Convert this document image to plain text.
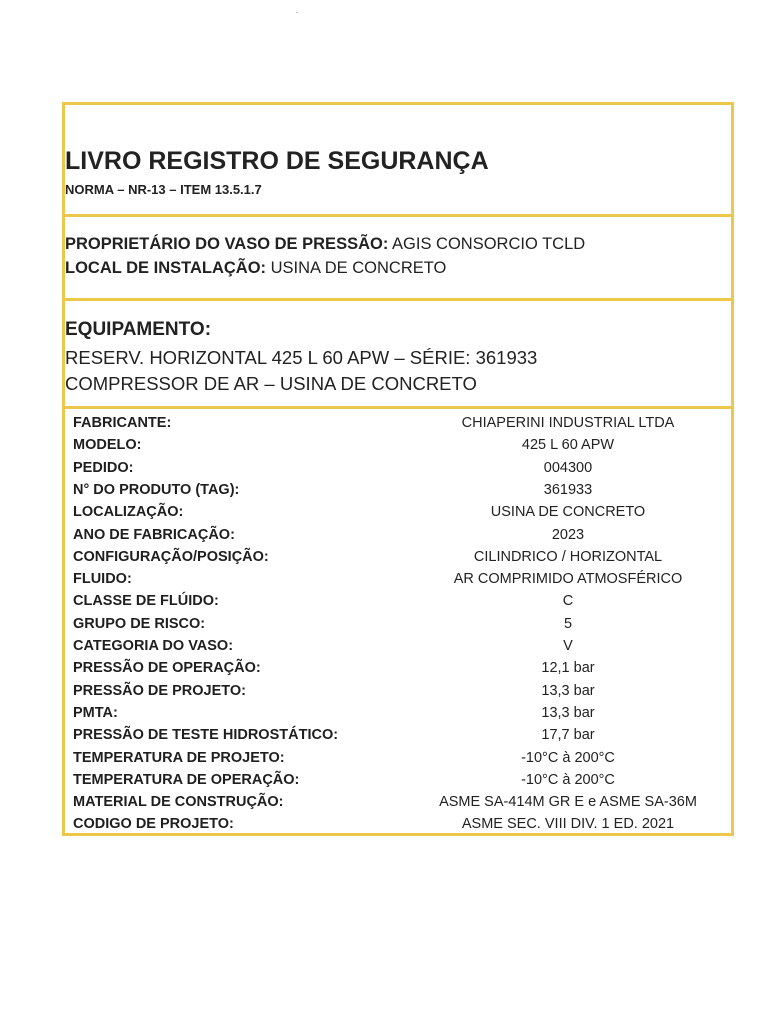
LIVRO REGISTRO DE SEGURANÇA
NORMA – NR-13 – ITEM 13.5.1.7
PROPRIETÁRIO DO VASO DE PRESSÃO: AGIS CONSORCIO TCLD
LOCAL DE INSTALAÇÃO: USINA DE CONCRETO
EQUIPAMENTO:
RESERV. HORIZONTAL 425 L 60 APW – SÉRIE: 361933
COMPRESSOR DE AR – USINA DE CONCRETO
FABRICANTE:	CHIAPERINI INDUSTRIAL LTDA
MODELO:	425 L 60 APW
PEDIDO:	004300
N° DO PRODUTO (TAG):	361933
LOCALIZAÇÃO:	USINA DE CONCRETO
ANO DE FABRICAÇÃO:	2023
CONFIGURAÇÃO/POSIÇÃO:	CILINDRICO / HORIZONTAL
FLUIDO:	AR COMPRIMIDO ATMOSFÉRICO
CLASSE DE FLÚIDO:	C
GRUPO DE RISCO:	5
CATEGORIA DO VASO:	V
PRESSÃO DE OPERAÇÃO:	12,1 bar
PRESSÃO DE PROJETO:	13,3 bar
PMTA:	13,3 bar
PRESSÃO DE TESTE HIDROSTÁTICO:	17,7 bar
TEMPERATURA DE PROJETO:	-10°C à 200°C
TEMPERATURA DE OPERAÇÃO:	-10°C à 200°C
MATERIAL DE CONSTRUÇÃO:	ASME SA-414M GR E e ASME SA-36M
CODIGO DE PROJETO:	ASME SEC. VIII DIV. 1 ED. 2021
